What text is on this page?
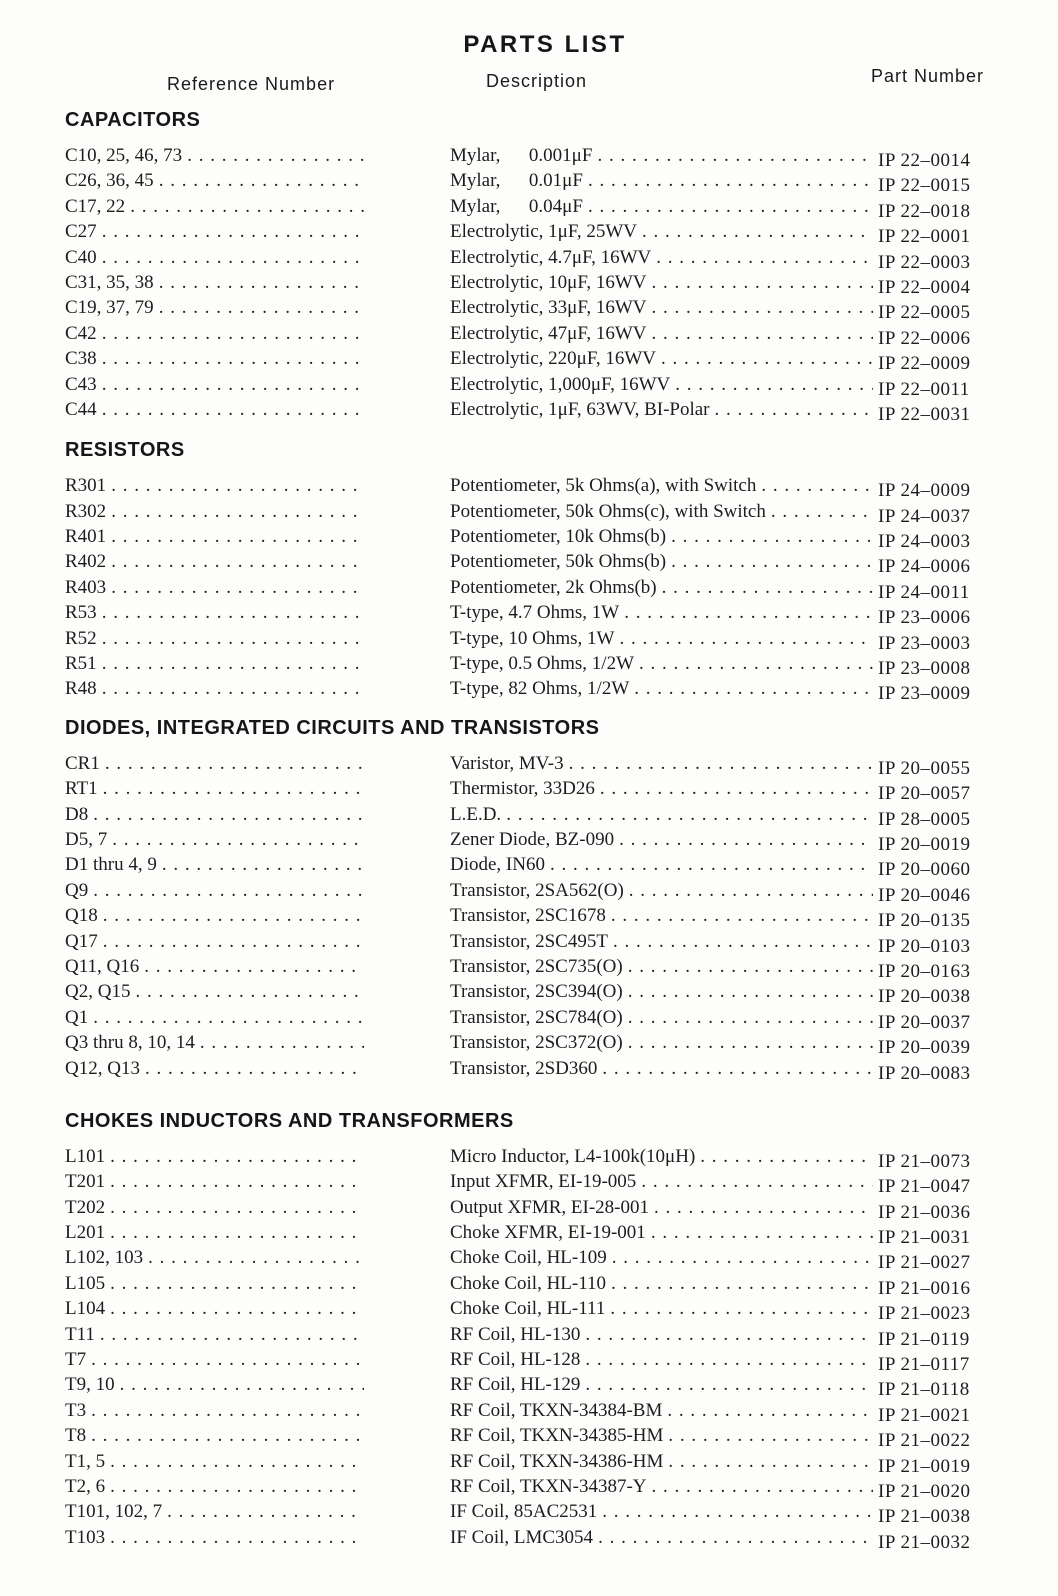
PARTS LIST
Reference Number	Description	Part Number
CAPACITORS
C10, 25, 46, 73 . . .	Mylar,      0.001μF . . .	IP 22–0014
C26, 36, 45 . . .	Mylar,      0.01μF . . .	IP 22–0015
C17, 22 . . .	Mylar,      0.04μF . . .	IP 22–0018
C27 . . .	Electrolytic, 1μF, 25WV . . .	IP 22–0001
C40 . . .	Electrolytic, 4.7μF, 16WV . . .	IP 22–0003
C31, 35, 38 . . .	Electrolytic, 10μF, 16WV . . .	IP 22–0004
C19, 37, 79 . . .	Electrolytic, 33μF, 16WV . . .	IP 22–0005
C42 . . .	Electrolytic, 47μF, 16WV . . .	IP 22–0006
C38 . . .	Electrolytic, 220μF, 16WV . . .	IP 22–0009
C43 . . .	Electrolytic, 1,000μF, 16WV . . .	IP 22–0011
C44 . . .	Electrolytic, 1μF, 63WV, BI-Polar . . .	IP 22–0031
RESISTORS
R301 . . .	Potentiometer, 5k Ohms(a), with Switch . . .	IP 24–0009
R302 . . .	Potentiometer, 50k Ohms(c), with Switch . . .	IP 24–0037
R401 . . .	Potentiometer, 10k Ohms(b) . . .	IP 24–0003
R402 . . .	Potentiometer, 50k Ohms(b) . . .	IP 24–0006
R403 . . .	Potentiometer, 2k Ohms(b) . . .	IP 24–0011
R53 . . .	T-type, 4.7 Ohms, 1W . . .	IP 23–0006
R52 . . .	T-type, 10 Ohms, 1W . . .	IP 23–0003
R51 . . .	T-type, 0.5 Ohms, 1/2W . . .	IP 23–0008
R48 . . .	T-type, 82 Ohms, 1/2W . . .	IP 23–0009
DIODES, INTEGRATED CIRCUITS AND TRANSISTORS
CR1 . . .	Varistor, MV-3 . . .	IP 20–0055
RT1 . . .	Thermistor, 33D26 . . .	IP 20–0057
D8 . . .	L.E.D. . . .	IP 28–0005
D5, 7 . . .	Zener Diode, BZ-090 . . .	IP 20–0019
D1 thru 4, 9 . . .	Diode, IN60 . . .	IP 20–0060
Q9 . . .	Transistor, 2SA562(O) . . .	IP 20–0046
Q18 . . .	Transistor, 2SC1678 . . .	IP 20–0135
Q17 . . .	Transistor, 2SC495T . . .	IP 20–0103
Q11, Q16 . . .	Transistor, 2SC735(O) . . .	IP 20–0163
Q2, Q15 . . .	Transistor, 2SC394(O) . . .	IP 20–0038
Q1 . . .	Transistor, 2SC784(O) . . .	IP 20–0037
Q3 thru 8, 10, 14 . . .	Transistor, 2SC372(O) . . .	IP 20–0039
Q12, Q13 . . .	Transistor, 2SD360 . . .	IP 20–0083
CHOKES INDUCTORS AND TRANSFORMERS
L101 . . .	Micro Inductor, L4-100k(10μH) . . .	IP 21–0073
T201 . . .	Input XFMR, EI-19-005 . . .	IP 21–0047
T202 . . .	Output XFMR, EI-28-001 . . .	IP 21–0036
L201 . . .	Choke XFMR, EI-19-001 . . .	IP 21–0031
L102, 103 . . .	Choke Coil, HL-109 . . .	IP 21–0027
L105 . . .	Choke Coil, HL-110 . . .	IP 21–0016
L104 . . .	Choke Coil, HL-111 . . .	IP 21–0023
T11 . . .	RF Coil, HL-130 . . .	IP 21–0119
T7 . . .	RF Coil, HL-128 . . .	IP 21–0117
T9, 10 . . .	RF Coil, HL-129 . . .	IP 21–0118
T3 . . .	RF Coil, TKXN-34384-BM . . .	IP 21–0021
T8 . . .	RF Coil, TKXN-34385-HM . . .	IP 21–0022
T1, 5 . . .	RF Coil, TKXN-34386-HM . . .	IP 21–0019
T2, 6 . . .	RF Coil, TKXN-34387-Y . . .	IP 21–0020
T101, 102, 7 . . .	IF Coil, 85AC2531 . . .	IP 21–0038
T103 . . .	IF Coil, LMC3054 . . .	IP 21–0032
